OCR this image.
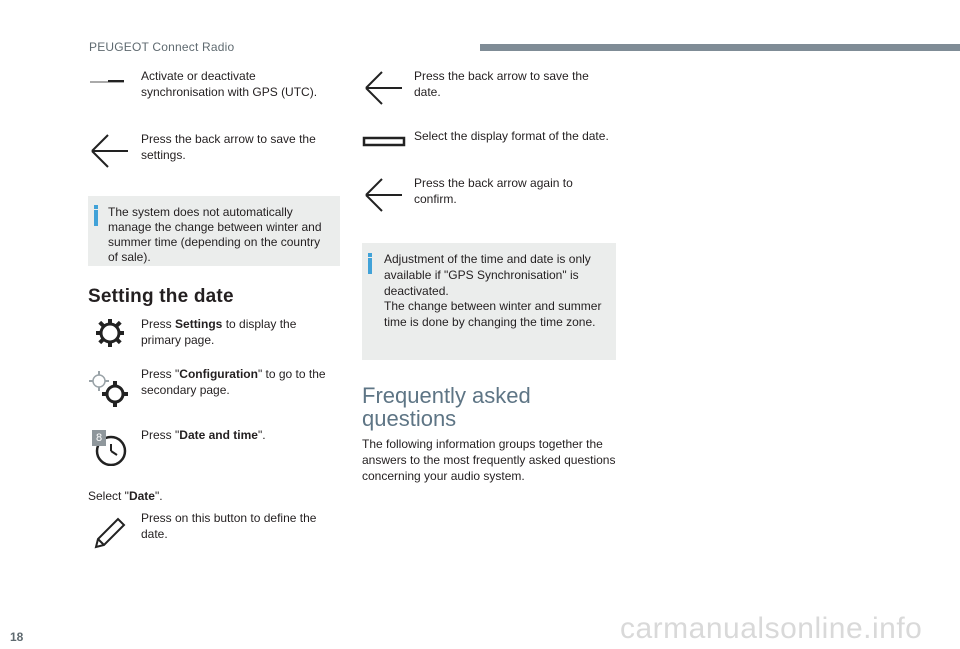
PEUGEOT Connect Radio
Activate or deactivate synchronisation with GPS (UTC).
Press the back arrow to save the settings.
The system does not automatically manage the change between winter and summer time (depending on the country of sale).
Setting the date
Press Settings to display the primary page.
Press "Configuration" to go to the secondary page.
8	Press "Date and time".
Select "Date".
Press on this button to define the date.
Press the back arrow to save the date.
Select the display format of the date.
Press the back arrow again to confirm.
Adjustment of the time and date is only available if "GPS Synchronisation" is deactivated.
The change between winter and summer time is done by changing the time zone.
Frequently asked
questions
The following information groups together the answers to the most frequently asked questions concerning your audio system.
18	carmanualsonline.info
